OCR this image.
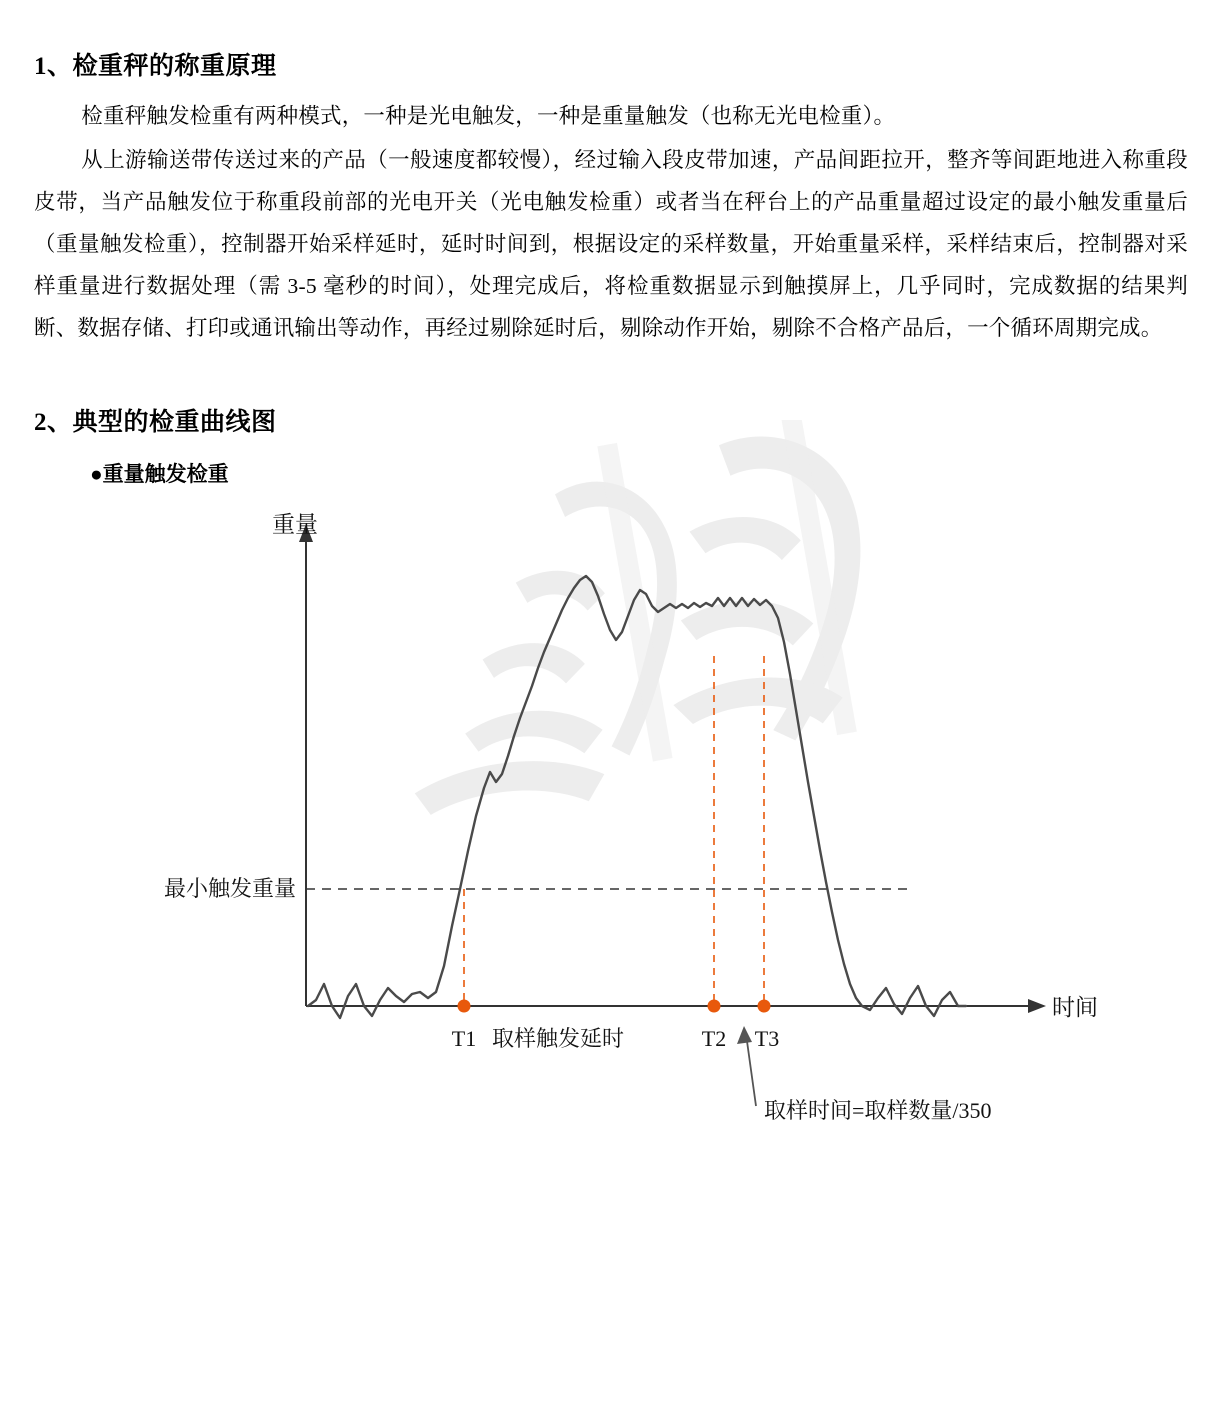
1、检重秤的称重原理

检重秤触发检重有两种模式，一种是光电触发，一种是重量触发（也称无光电检重）。

从上游输送带传送过来的产品（一般速度都较慢），经过输入段皮带加速，产品间距拉开，整齐等间距地进入称重段皮带，当产品触发位于称重段前部的光电开关（光电触发检重）或者当在秤台上的产品重量超过设定的最小触发重量后（重量触发检重），控制器开始采样延时，延时时间到，根据设定的采样数量，开始重量采样，采样结束后，控制器对采样重量进行数据处理（需 3-5 毫秒的时间），处理完成后，将检重数据显示到触摸屏上，几乎同时，完成数据的结果判断、数据存储、打印或通讯输出等动作，再经过剔除延时后，剔除动作开始，剔除不合格产品后，一个循环周期完成。

2、典型的检重曲线图
●重量触发检重
重量
时间
最小触发重量
T1 取样触发延时	T2 T3
取样时间=取样数量/350
